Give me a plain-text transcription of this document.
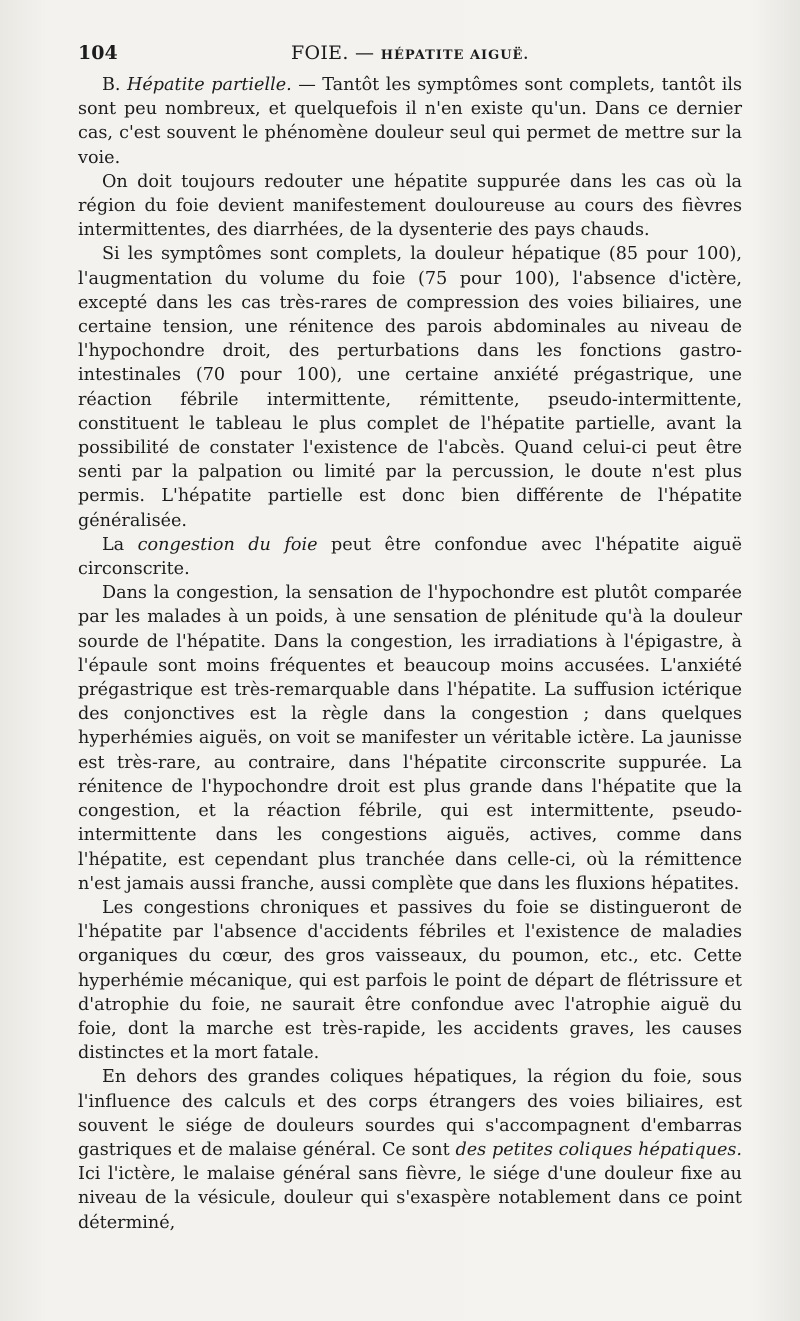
104	FOIE. — HÉPATITE AIGUË.

B. Hépatite partielle. — Tantôt les symptômes sont complets, tantôt ils sont peu nombreux, et quelquefois il n'en existe qu'un. Dans ce dernier cas, c'est souvent le phénomène douleur seul qui permet de mettre sur la voie.

On doit toujours redouter une hépatite suppurée dans les cas où la région du foie devient manifestement douloureuse au cours des fièvres intermittentes, des diarrhées, de la dysenterie des pays chauds.

Si les symptômes sont complets, la douleur hépatique (85 pour 100), l'augmentation du volume du foie (75 pour 100), l'absence d'ictère, excepté dans les cas très-rares de compression des voies biliaires, une certaine tension, une rénitence des parois abdominales au niveau de l'hypochondre droit, des perturbations dans les fonctions gastro-intestinales (70 pour 100), une certaine anxiété prégastrique, une réaction fébrile intermittente, rémittente, pseudo-intermittente, constituent le tableau le plus complet de l'hépatite partielle, avant la possibilité de constater l'existence de l'abcès. Quand celui-ci peut être senti par la palpation ou limité par la percussion, le doute n'est plus permis. L'hépatite partielle est donc bien différente de l'hépatite généralisée.

La congestion du foie peut être confondue avec l'hépatite aiguë circonscrite.

Dans la congestion, la sensation de l'hypochondre est plutôt comparée par les malades à un poids, à une sensation de plénitude qu'à la douleur sourde de l'hépatite. Dans la congestion, les irradiations à l'épigastre, à l'épaule sont moins fréquentes et beaucoup moins accusées. L'anxiété prégastrique est très-remarquable dans l'hépatite. La suffusion ictérique des conjonctives est la règle dans la congestion ; dans quelques hyperhémies aiguës, on voit se manifester un véritable ictère. La jaunisse est très-rare, au contraire, dans l'hépatite circonscrite suppurée. La rénitence de l'hypochondre droit est plus grande dans l'hépatite que la congestion, et la réaction fébrile, qui est intermittente, pseudo-intermittente dans les congestions aiguës, actives, comme dans l'hépatite, est cependant plus tranchée dans celle-ci, où la rémittence n'est jamais aussi franche, aussi complète que dans les fluxions hépatites.

Les congestions chroniques et passives du foie se distingueront de l'hépatite par l'absence d'accidents fébriles et l'existence de maladies organiques du cœur, des gros vaisseaux, du poumon, etc., etc. Cette hyperhémie mécanique, qui est parfois le point de départ de flétrissure et d'atrophie du foie, ne saurait être confondue avec l'atrophie aiguë du foie, dont la marche est très-rapide, les accidents graves, les causes distinctes et la mort fatale.

En dehors des grandes coliques hépatiques, la région du foie, sous l'influence des calculs et des corps étrangers des voies biliaires, est souvent le siége de douleurs sourdes qui s'accompagnent d'embarras gastriques et de malaise général. Ce sont des petites coliques hépatiques. Ici l'ictère, le malaise général sans fièvre, le siége d'une douleur fixe au niveau de la vésicule, douleur qui s'exaspère notablement dans ce point déterminé,
